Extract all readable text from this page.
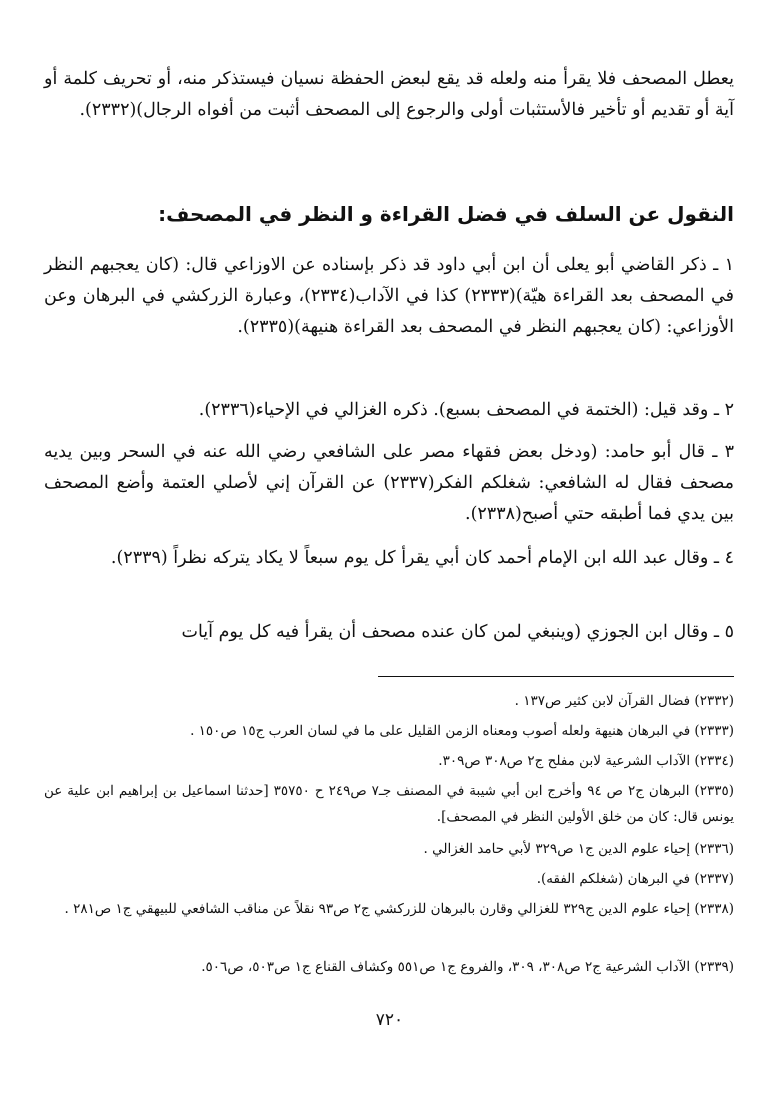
يعطل المصحف فلا يقرأ منه ولعله قد يقع لبعض الحفظة نسيان فيستذكر منه، أو تحريف كلمة أو آية أو تقديم أو تأخير فالأستثبات أولى والرجوع إلى المصحف أثبت من أفواه الرجال)(٢٣٣٢).

النقول عن السلف في فضل القراءة و النظر في المصحف:

١ ـ ذكر القاضي أبو يعلى أن ابن أبي داود قد ذكر بإسناده عن الاوزاعي قال: (كان يعجبهم النظر في المصحف بعد القراءة هيّة)(٢٣٣٣) كذا في الآداب(٢٣٣٤)، وعبارة الزركشي في البرهان وعن الأوزاعي: (كان يعجبهم النظر في المصحف بعد القراءة هنيهة)(٢٣٣٥).

٢ ـ وقد قيل: (الختمة في المصحف بسبع). ذكره الغزالي في الإحياء(٢٣٣٦).

٣ ـ قال أبو حامد: (ودخل بعض فقهاء مصر على الشافعي رضي الله عنه في السحر وبين يديه مصحف فقال له الشافعي: شغلكم الفكر(٢٣٣٧) عن القرآن إني لأصلي العتمة وأضع المصحف بين يدي فما أطبقه حتي أصبح(٢٣٣٨).

٤ ـ وقال عبد الله ابن الإمام أحمد كان أبي يقرأ كل يوم سبعاً لا يكاد يتركه نظراً (٢٣٣٩).

٥ ـ وقال ابن الجوزي (وينبغي لمن كان عنده مصحف أن يقرأ فيه كل يوم آيات

(٢٣٣٢) فضال القرآن لابن كثير ص١٣٧ .

(٢٣٣٣) في البرهان هنيهة ولعله أصوب ومعناه الزمن القليل على ما في لسان العرب ج١٥ ص١٥٠ .

(٢٣٣٤) الآداب الشرعية لابن مفلح ج٢ ص٣٠٨ ص٣٠٩.

(٢٣٣٥) البرهان ج٢ ص ٩٤ وأخرج ابن أبي شيبة في المصنف جـ٧ ص٢٤٩ ح ٣٥٧٥٠ [حدثنا اسماعيل بن إبراهيم ابن علية عن يونس قال: كان من خلق الأولين النظر في المصحف].

(٢٣٣٦) إحياء علوم الدين ج١ ص٣٢٩ لأبي حامد الغزالي .

(٢٣٣٧) في البرهان (شغلكم الفقه).

(٢٣٣٨) إحياء علوم الدين ج٣٢٩ للغزالي وقارن بالبرهان للزركشي ج٢ ص٩٣ نقلاً عن مناقب الشافعي للبيهقي ج١ ص٢٨١ .

(٢٣٣٩) الآداب الشرعية ج٢ ص٣٠٨، ٣٠٩، والفروع ج١ ص٥٥١ وكشاف القناع ج١ ص٥٠٣، ص٥٠٦.

٧٢٠
